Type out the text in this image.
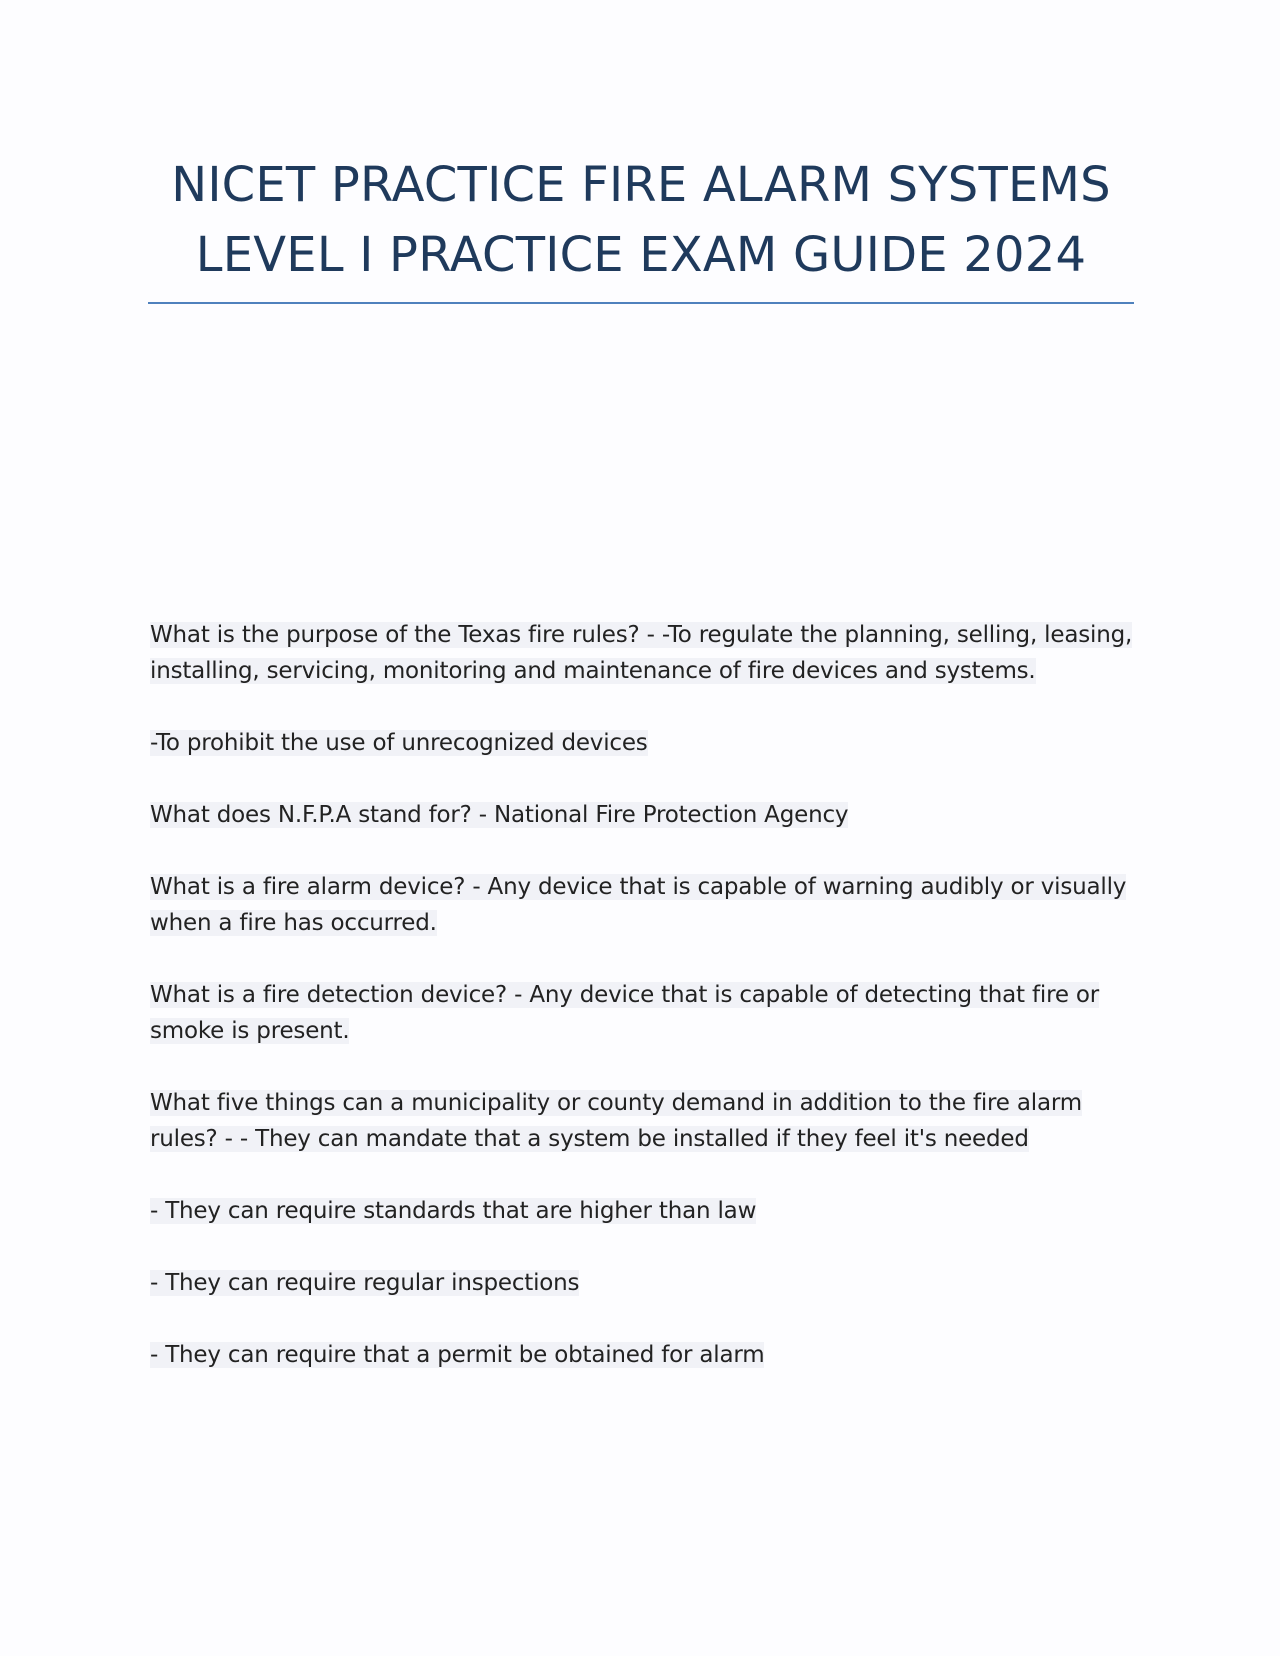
NICET PRACTICE FIRE ALARM SYSTEMS
LEVEL I PRACTICE EXAM GUIDE 2024

What is the purpose of the Texas fire rules? - -To regulate the planning, selling, leasing, installing, servicing, monitoring and maintenance of fire devices and systems.

-To prohibit the use of unrecognized devices

What does N.F.P.A stand for? - National Fire Protection Agency

What is a fire alarm device? - Any device that is capable of warning audibly or visually when a fire has occurred.

What is a fire detection device? - Any device that is capable of detecting that fire or smoke is present.

What five things can a municipality or county demand in addition to the fire alarm rules? - - They can mandate that a system be installed if they feel it's needed

- They can require standards that are higher than law

- They can require regular inspections

- They can require that a permit be obtained for alarm
